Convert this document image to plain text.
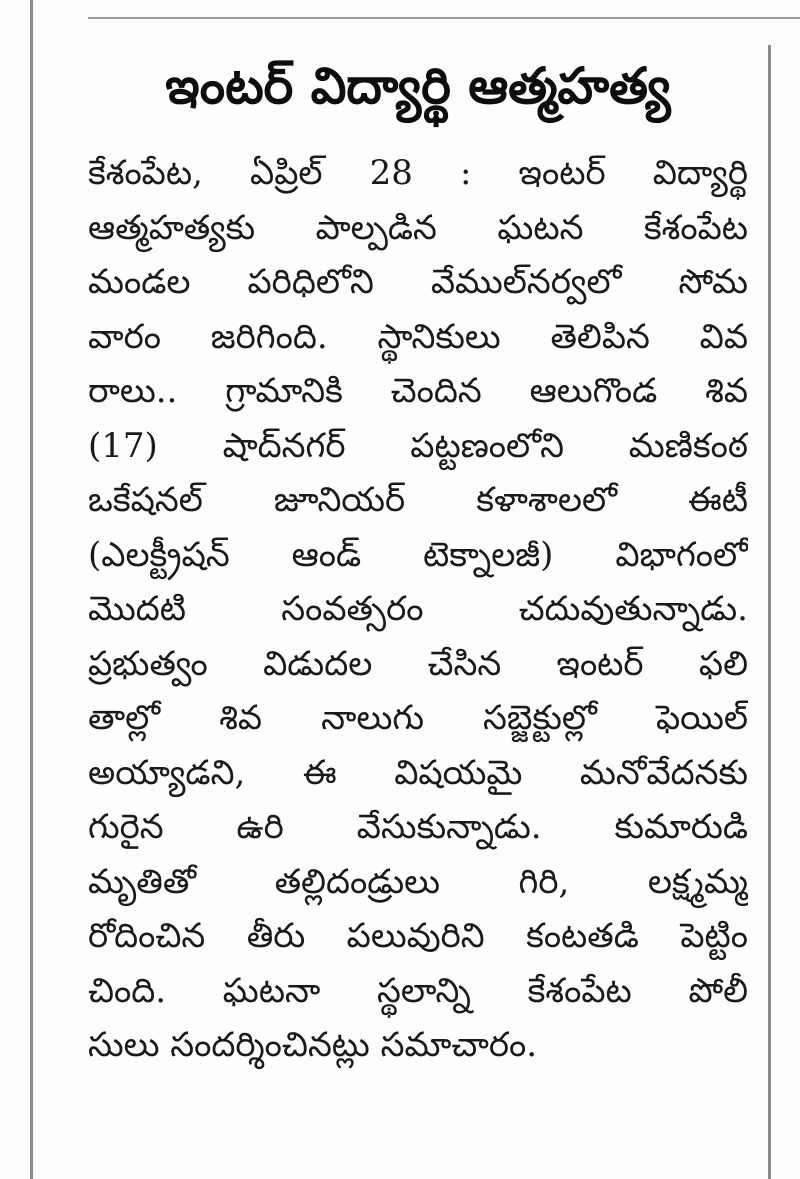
ఇంటర్ విద్యార్థి ఆత్మహత్య
కేశంపేట, ఏప్రిల్ 28 : ఇంటర్ విద్యార్థి
ఆత్మహత్యకు పాల్పడిన ఘటన కేశంపేట
మండల పరిధిలోని వేముల్‌నర్వలో సోమ
వారం జరిగింది. స్థానికులు తెలిపిన వివ
రాలు.. గ్రామానికి చెందిన ఆలుగొండ శివ
(17) షాద్‌నగర్ పట్టణంలోని మణికంఠ
ఒకేషనల్ జూనియర్ కళాశాలలో ఈటీ
(ఎలక్ట్రీషన్ ఆండ్ టెక్నాలజీ) విభాగంలో
మొదటి సంవత్సరం చదువుతున్నాడు.
ప్రభుత్వం విడుదల చేసిన ఇంటర్ ఫలి
తాల్లో శివ నాలుగు సబ్జెక్టుల్లో ఫెయిల్
అయ్యాడని, ఈ విషయమై మనోవేదనకు
గురైన ఉరి వేసుకున్నాడు. కుమారుడి
మృతితో తల్లిదండ్రులు గిరి, లక్ష్మమ్మ
రోదించిన తీరు పలువురిని కంటతడి పెట్టిం
చింది. ఘటనా స్థలాన్ని కేశంపేట పోలీ
సులు సందర్శించినట్లు సమాచారం.
